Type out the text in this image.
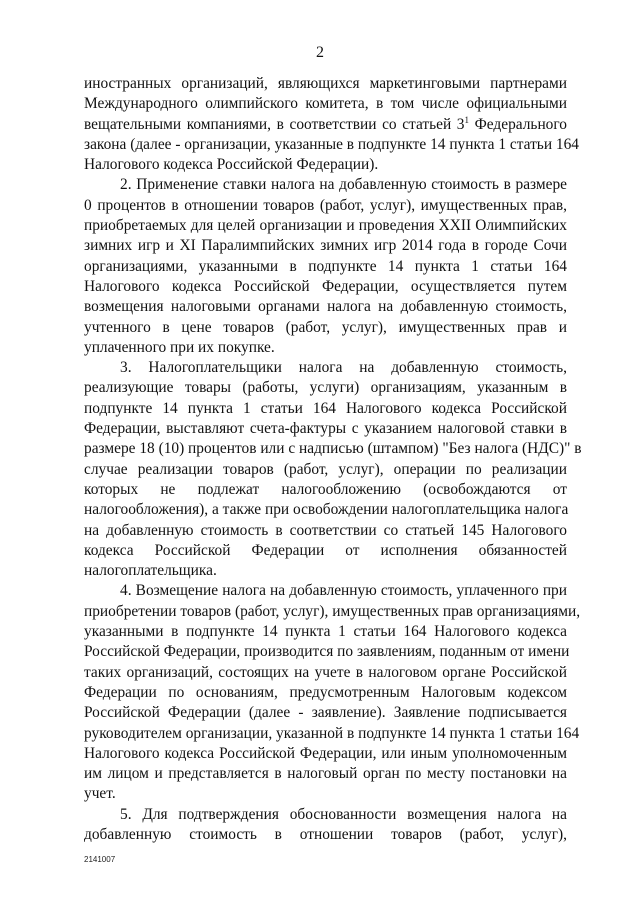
2
иностранных организаций, являющихся маркетинговыми партнерами
Международного олимпийского комитета, в том числе официальными
вещательными компаниями, в соответствии со статьей $3^1$ Федерального
закона (далее - организации, указанные в подпункте 14 пункта 1 статьи 164
Налогового кодекса Российской Федерации).
2. Применение ставки налога на добавленную стоимость в размере
0 процентов в отношении товаров (работ, услуг), имущественных прав,
приобретаемых для целей организации и проведения XXII Олимпийских
зимних игр и XI Паралимпийских зимних игр 2014 года в городе Сочи
организациями, указанными в подпункте 14 пункта 1 статьи 164
Налогового кодекса Российской Федерации, осуществляется путем
возмещения налоговыми органами налога на добавленную стоимость,
учтенного в цене товаров (работ, услуг), имущественных прав и
уплаченного при их покупке.
3. Налогоплательщики налога на добавленную стоимость,
реализующие товары (работы, услуги) организациям, указанным в
подпункте 14 пункта 1 статьи 164 Налогового кодекса Российской
Федерации, выставляют счета-фактуры с указанием налоговой ставки в
размере 18 (10) процентов или с надписью (штампом) "Без налога (НДС)" в
случае реализации товаров (работ, услуг), операции по реализации
которых не подлежат налогообложению (освобождаются от
налогообложения), а также при освобождении налогоплательщика налога
на добавленную стоимость в соответствии со статьей 145 Налогового
кодекса Российской Федерации от исполнения обязанностей
налогоплательщика.
4. Возмещение налога на добавленную стоимость, уплаченного при
приобретении товаров (работ, услуг), имущественных прав организациями,
указанными в подпункте 14 пункта 1 статьи 164 Налогового кодекса
Российской Федерации, производится по заявлениям, поданным от имени
таких организаций, состоящих на учете в налоговом органе Российской
Федерации по основаниям, предусмотренным Налоговым кодексом
Российской Федерации (далее - заявление). Заявление подписывается
руководителем организации, указанной в подпункте 14 пункта 1 статьи 164
Налогового кодекса Российской Федерации, или иным уполномоченным
им лицом и представляется в налоговый орган по месту постановки на
учет.
5. Для подтверждения обоснованности возмещения налога на
добавленную стоимость в отношении товаров (работ, услуг),
2141007
